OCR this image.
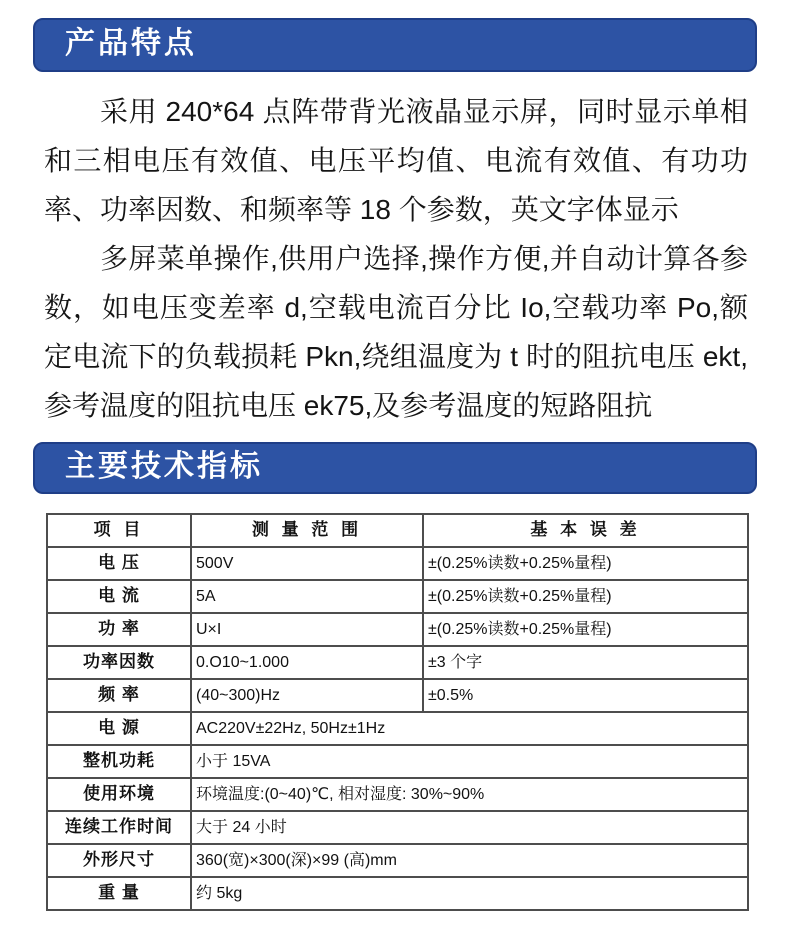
产品特点

采用 240*64 点阵带背光液晶显示屏，同时显示单相和三相电压有效值、电压平均值、电流有效值、有功功率、功率因数、和频率等 18 个参数，英文字体显示

多屏菜单操作,供用户选择,操作方便,并自动计算各参数，如电压变差率 d,空载电流百分比 Io,空载功率 Po,额定电流下的负载损耗 Pkn,绕组温度为 t 时的阻抗电压 ekt,参考温度的阻抗电压 ek75,及参考温度的短路阻抗

主要技术指标
项 目	测 量 范 围	基 本 误 差
电 压	500V	±(0.25%读数+0.25%量程)
电 流	5A	±(0.25%读数+0.25%量程)
功 率	U×I	±(0.25%读数+0.25%量程)
功率因数	0.O10~1.000	±3 个字
频 率	(40~300)Hz	±0.5%
电 源	AC220V±22Hz, 50Hz±1Hz	
整机功耗	小于 15VA	
使用环境	环境温度:(0~40)℃, 相对湿度: 30%~90%	
连续工作时间	大于 24 小时	
外形尺寸	360(宽)×300(深)×99 (高)mm	
重 量	约 5kg	
